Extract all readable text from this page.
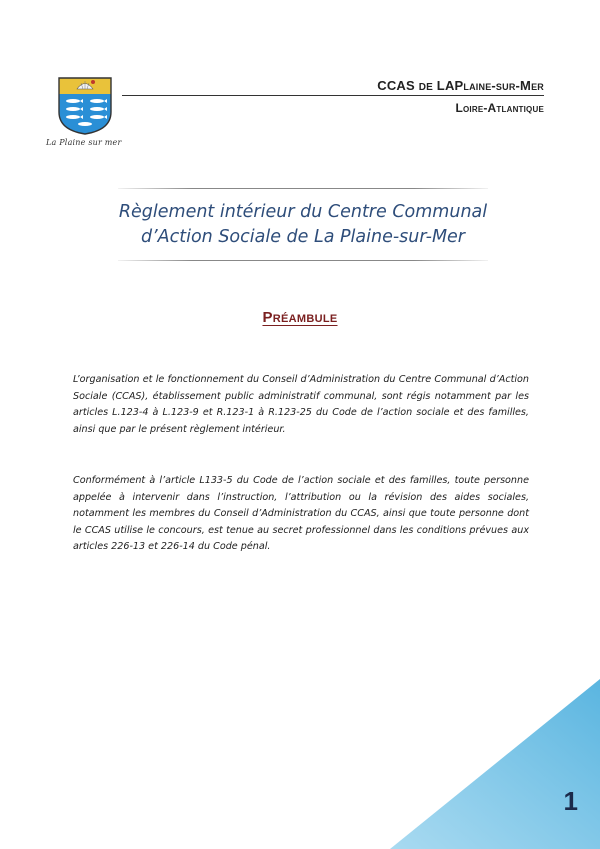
La Plaine sur mer
CCAS DE LAPlaine-sur-Mer
Loire-Atlantique
Règlement intérieur du Centre Communal
d’Action Sociale de La Plaine-sur-Mer
Préambule

L’organisation et le fonctionnement du Conseil d’Administration du Centre Communal d’Action Sociale (CCAS), établissement public administratif communal, sont régis notamment par les articles L.123-4 à L.123-9 et R.123-1 à R.123-25 du Code de l’action sociale et des familles, ainsi que par le présent règlement intérieur.

Conformément à l’article L133-5 du Code de l’action sociale et des familles, toute personne appelée à intervenir dans l’instruction, l’attribution ou la révision des aides sociales, notamment les membres du Conseil d’Administration du CCAS, ainsi que toute personne dont le CCAS utilise le concours, est tenue au secret professionnel dans les conditions prévues aux articles 226-13 et 226-14 du Code pénal.

1
